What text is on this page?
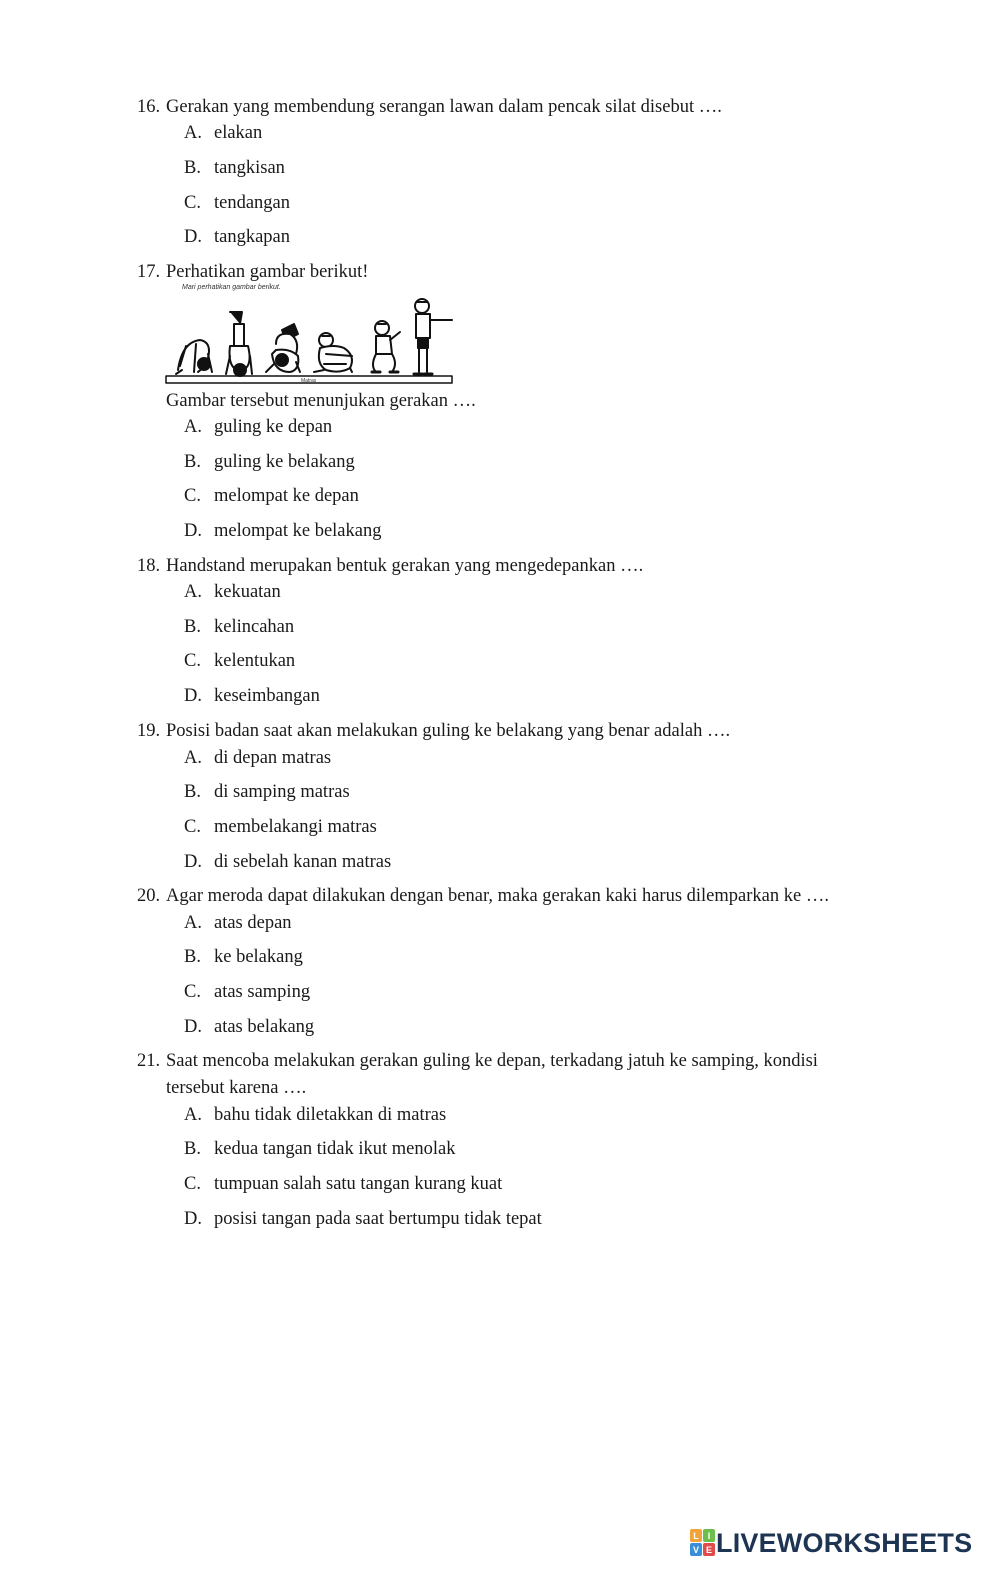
16. Gerakan yang membendung serangan lawan dalam pencak silat disebut ….
A. elakan
B. tangkisan
C. tendangan
D. tangkapan
17. Perhatikan gambar berikut!
Mari perhatikan gambar berikut.
Matras
Gambar tersebut menunjukan gerakan ….
A. guling ke depan
B. guling ke belakang
C. melompat ke depan
D. melompat ke belakang
18. Handstand merupakan bentuk gerakan yang mengedepankan ….
A. kekuatan
B. kelincahan
C. kelentukan
D. keseimbangan
19. Posisi badan saat akan melakukan guling ke belakang yang benar adalah ….
A. di depan matras
B. di samping matras
C. membelakangi matras
D. di sebelah kanan matras
20. Agar meroda dapat dilakukan dengan benar, maka gerakan kaki harus dilemparkan ke ….
A. atas depan
B. ke belakang
C. atas samping
D. atas belakang
21. Saat mencoba melakukan gerakan guling ke depan, terkadang jatuh ke samping, kondisi
tersebut karena ….
A. bahu tidak diletakkan di matras
B. kedua tangan tidak ikut menolak
C. tumpuan salah satu tangan kurang kuat
D. posisi tangan pada saat bertumpu tidak tepat
L I
V E LIVEWORKSHEETS
